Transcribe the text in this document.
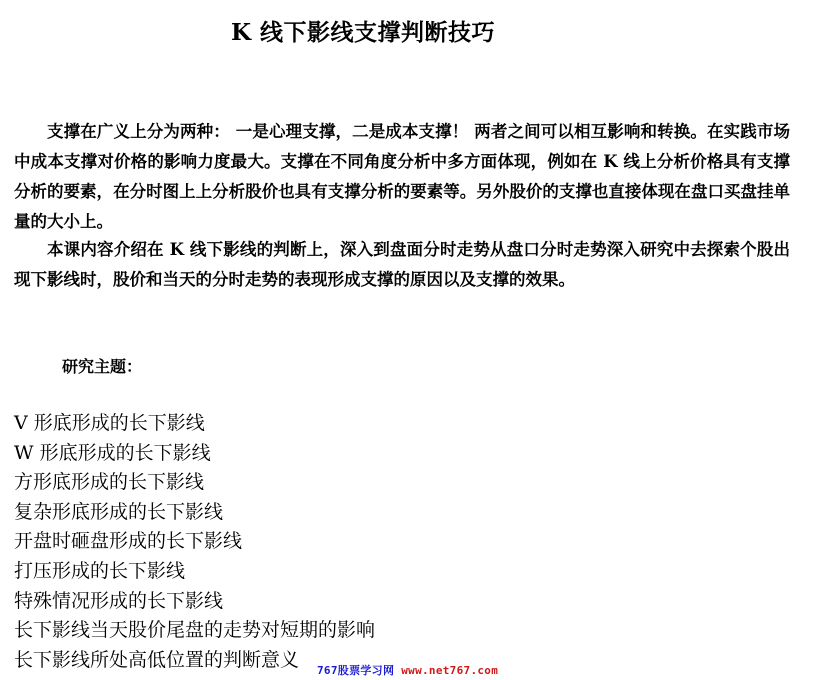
K 线下影线支撑判断技巧

支撑在广义上分为两种： 一是心理支撑，二是成本支撑！ 两者之间可以相互影响和转换。在实践市场中成本支撑对价格的影响力度最大。支撑在不同角度分析中多方面体现，例如在 K 线上分析价格具有支撑分析的要素，在分时图上上分析股价也具有支撑分析的要素等。另外股价的支撑也直接体现在盘口买盘挂单量的大小上。

本课内容介绍在 K 线下影线的判断上，深入到盘面分时走势从盘口分时走势深入研究中去探索个股出现下影线时，股价和当天的分时走势的表现形成支撑的原因以及支撑的效果。

研究主题：
V 形底形成的长下影线
W 形底形成的长下影线
方形底形成的长下影线
复杂形底形成的长下影线
开盘时砸盘形成的长下影线
打压形成的长下影线
特殊情况形成的长下影线
长下影线当天股价尾盘的走势对短期的影响
长下影线所处高低位置的判断意义	767股票学习网 www.net767.com
